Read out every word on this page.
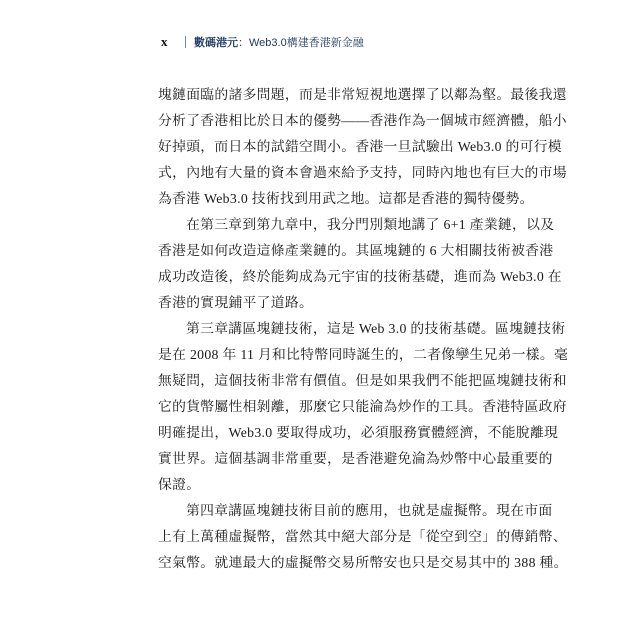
x	數碼港元 ：Web3.0構建香港新金融
塊鏈面臨的諸多問題，而是非常短視地選擇了以鄰為壑。最後我還
分析了香港相比於日本的優勢——香港作為一個城市經濟體，船小
好掉頭，而日本的試錯空間小。香港一旦試驗出 Web3.0 的可行模
式，內地有大量的資本會過來給予支持，同時內地也有巨大的市場
為香港 Web3.0 技術找到用武之地。這都是香港的獨特優勢。
在第三章到第九章中，我分門別類地講了 6+1 產業鏈，以及
香港是如何改造這條產業鏈的。其區塊鏈的 6 大相關技術被香港
成功改造後，終於能夠成為元宇宙的技術基礎，進而為 Web3.0 在
香港的實現鋪平了道路。
第三章講區塊鏈技術，這是 Web 3.0 的技術基礎。區塊鏈技術
是在 2008 年 11 月和比特幣同時誕生的，二者像孿生兄弟一樣。毫
無疑問，這個技術非常有價值。但是如果我們不能把區塊鏈技術和
它的貨幣屬性相剝離，那麼它只能淪為炒作的工具。香港特區政府
明確提出，Web3.0 要取得成功，必須服務實體經濟，不能脫離現
實世界。這個基調非常重要，是香港避免淪為炒幣中心最重要的
保證。
第四章講區塊鏈技術目前的應用，也就是虛擬幣。現在市面
上有上萬種虛擬幣，當然其中絕大部分是「從空到空」的傳銷幣、
空氣幣。就連最大的虛擬幣交易所幣安也只是交易其中的 388 種。
